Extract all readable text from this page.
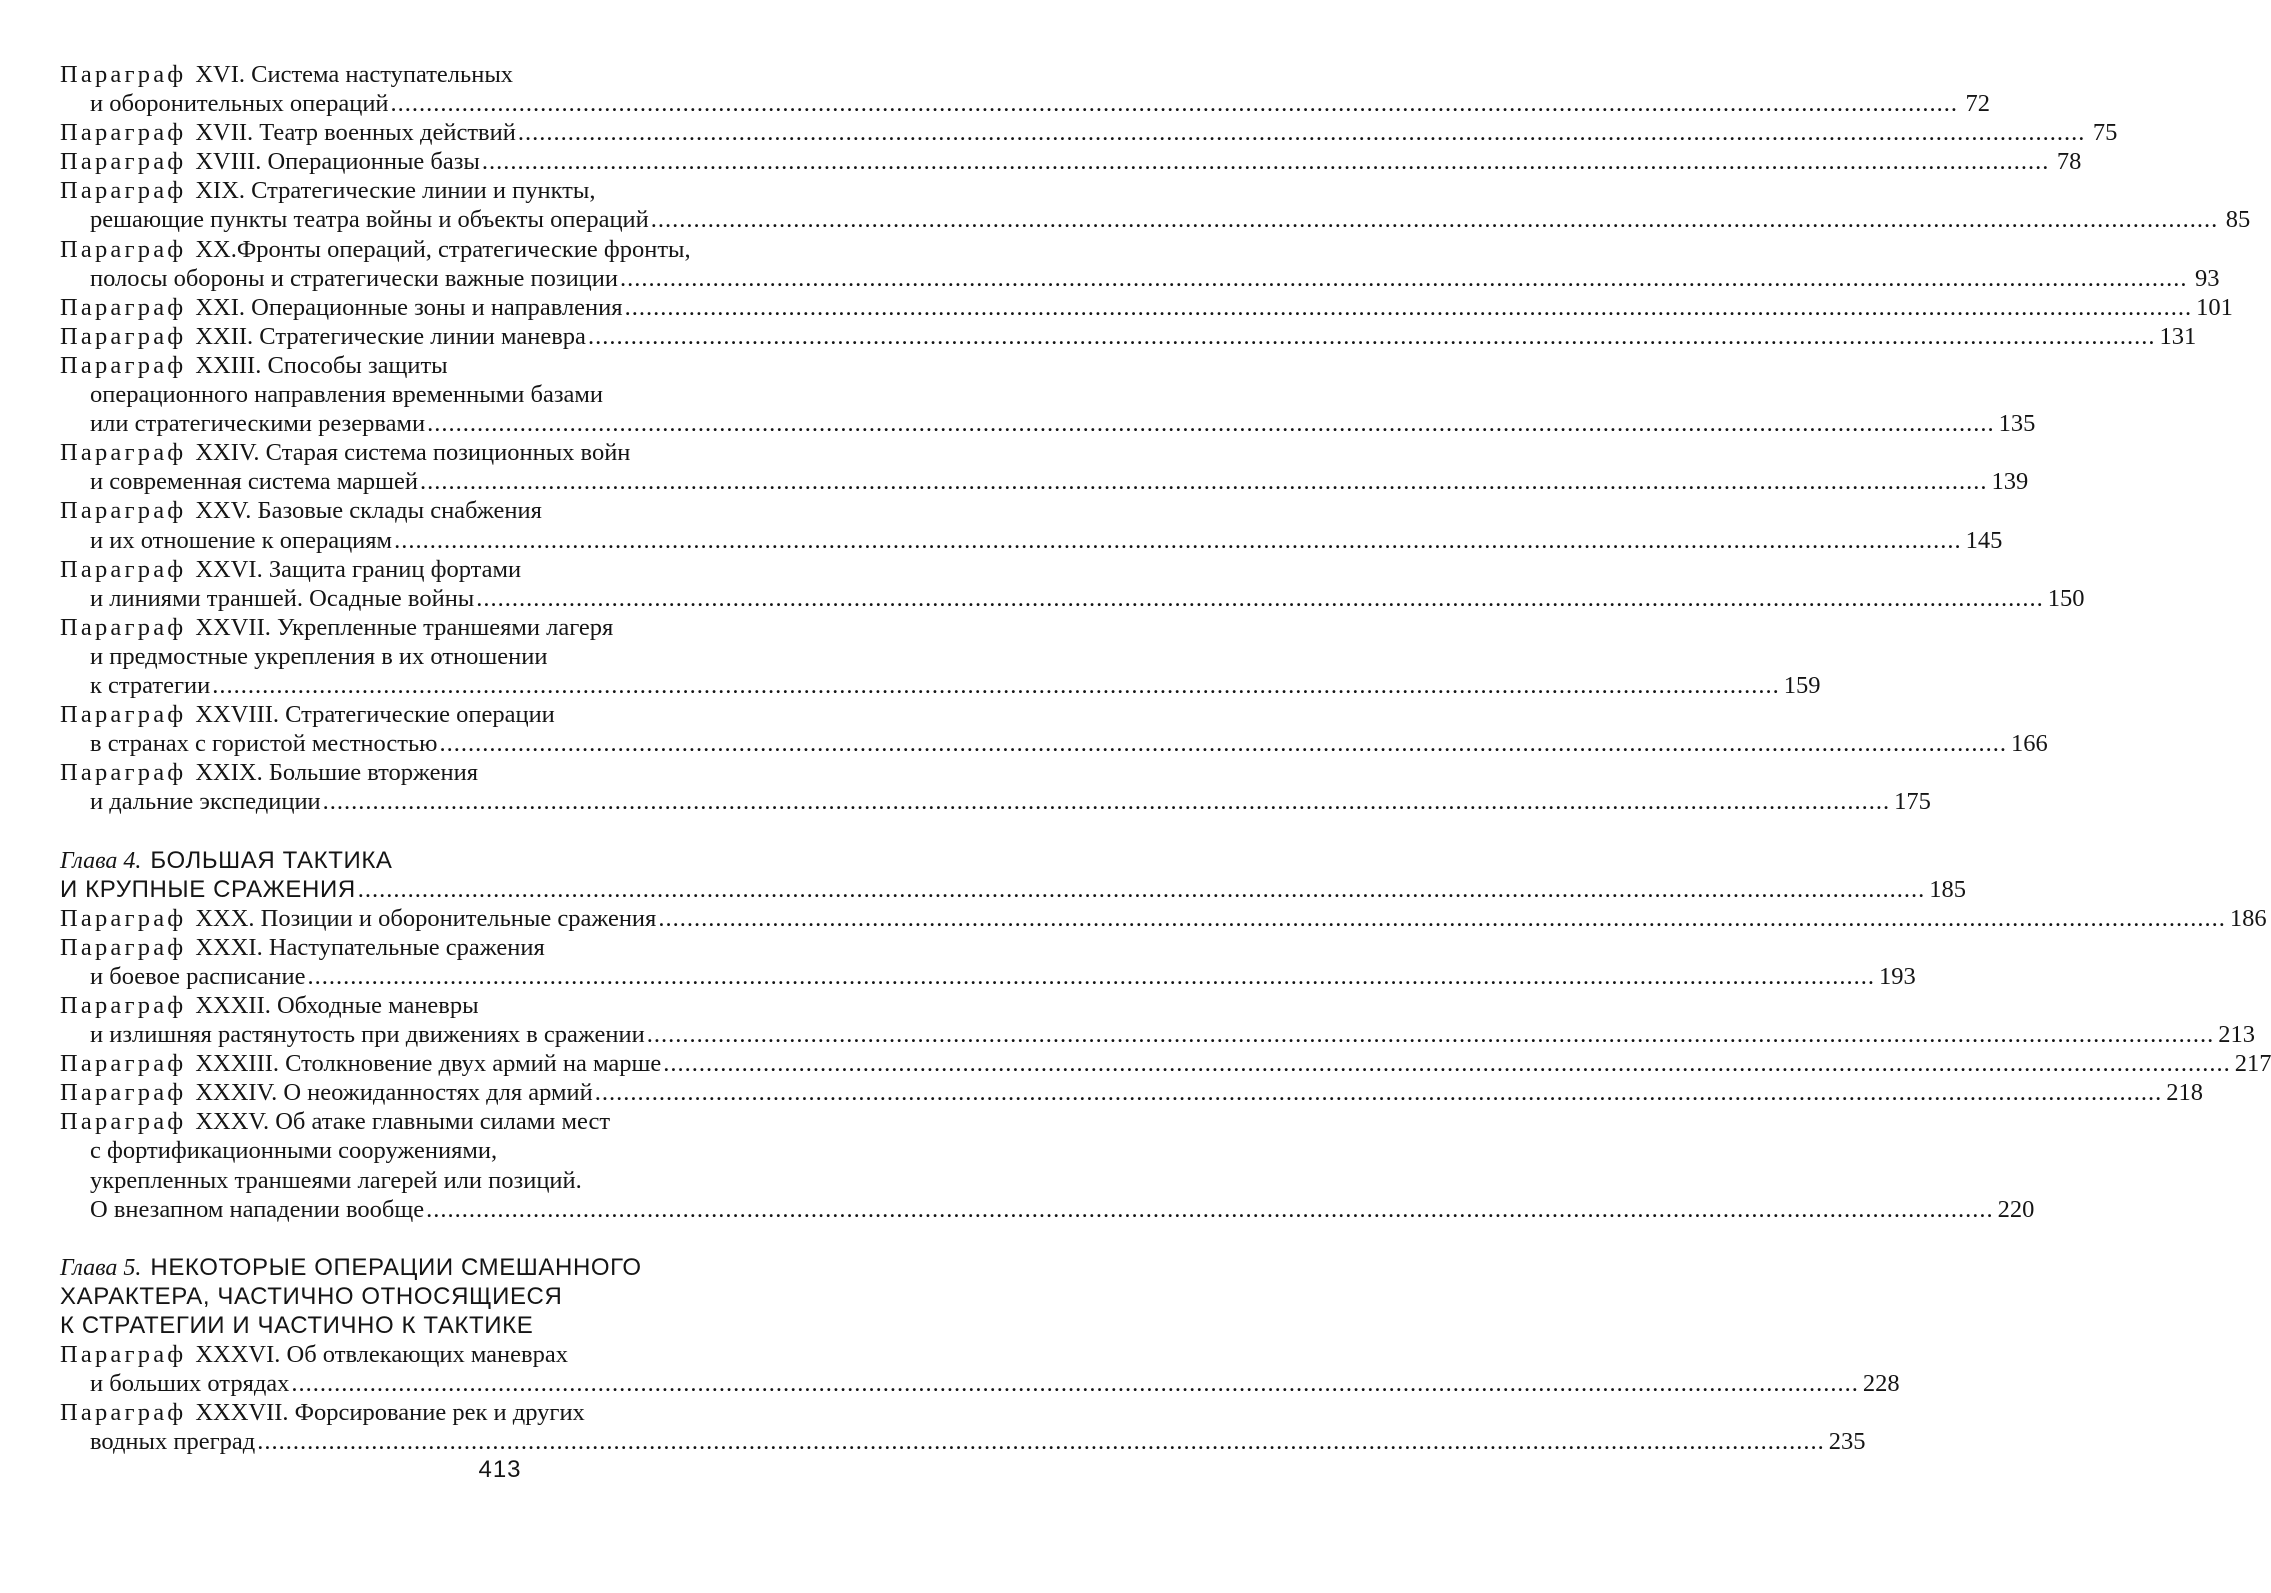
Параграф XVI. Система наступательных
и оборонительных операций ............................................................................................................................................................................................................................ 72
Параграф XVII. Театр военных действий ............................................................................................................................................................................................................................ 75
Параграф XVIII. Операционные базы ............................................................................................................................................................................................................................ 78
Параграф XIX. Стратегические линии и пункты,
решающие пункты театра войны и объекты операций ............................................................................................................................................................................................................................ 85
Параграф XX.Фронты операций, стратегические фронты,
полосы обороны и стратегически важные позиции ............................................................................................................................................................................................................................ 93
Параграф XXI. Операционные зоны и направления ............................................................................................................................................................................................................................ 101
Параграф XXII. Стратегические линии маневра ............................................................................................................................................................................................................................ 131
Параграф XXIII. Способы защиты
операционного направления временными базами
или стратегическими резервами ............................................................................................................................................................................................................................ 135
Параграф XXIV. Старая система позиционных войн
и современная система маршей ............................................................................................................................................................................................................................ 139
Параграф XXV. Базовые склады снабжения
и их отношение к операциям ............................................................................................................................................................................................................................ 145
Параграф XXVI. Защита границ фортами
и линиями траншей. Осадные войны ............................................................................................................................................................................................................................ 150
Параграф XXVII. Укрепленные траншеями лагеря
и предмостные укрепления в их отношении
к стратегии ............................................................................................................................................................................................................................ 159
Параграф XXVIII. Стратегические операции
в странах с гористой местностью ............................................................................................................................................................................................................................ 166
Параграф XXIX. Большие вторжения
и дальние экспедиции ............................................................................................................................................................................................................................ 175
Глава 4. БОЛЬШАЯ ТАКТИКА
И КРУПНЫЕ СРАЖЕНИЯ ............................................................................................................................................................................................................................ 185
Параграф XXX. Позиции и оборонительные сражения ............................................................................................................................................................................................................................ 186
Параграф XXXI. Наступательные сражения
и боевое расписание ............................................................................................................................................................................................................................ 193
Параграф XXXII. Обходные маневры
и излишняя растянутость при движениях в сражении ............................................................................................................................................................................................................................ 213
Параграф XXXIII. Столкновение двух армий на марше ............................................................................................................................................................................................................................ 217
Параграф XXXIV. О неожиданностях для армий ............................................................................................................................................................................................................................ 218
Параграф XXXV. Об атаке главными силами мест
с фортификационными сооружениями,
укрепленных траншеями лагерей или позиций.
О внезапном нападении вообще ............................................................................................................................................................................................................................ 220
Глава 5. НЕКОТОРЫЕ ОПЕРАЦИИ СМЕШАННОГО
ХАРАКТЕРА, ЧАСТИЧНО ОТНОСЯЩИЕСЯ
К СТРАТЕГИИ И ЧАСТИЧНО К ТАКТИКЕ
Параграф XXXVI. Об отвлекающих маневрах
и больших отрядах ............................................................................................................................................................................................................................ 228
Параграф XXXVII. Форсирование рек и других
водных преград ............................................................................................................................................................................................................................ 235
413
